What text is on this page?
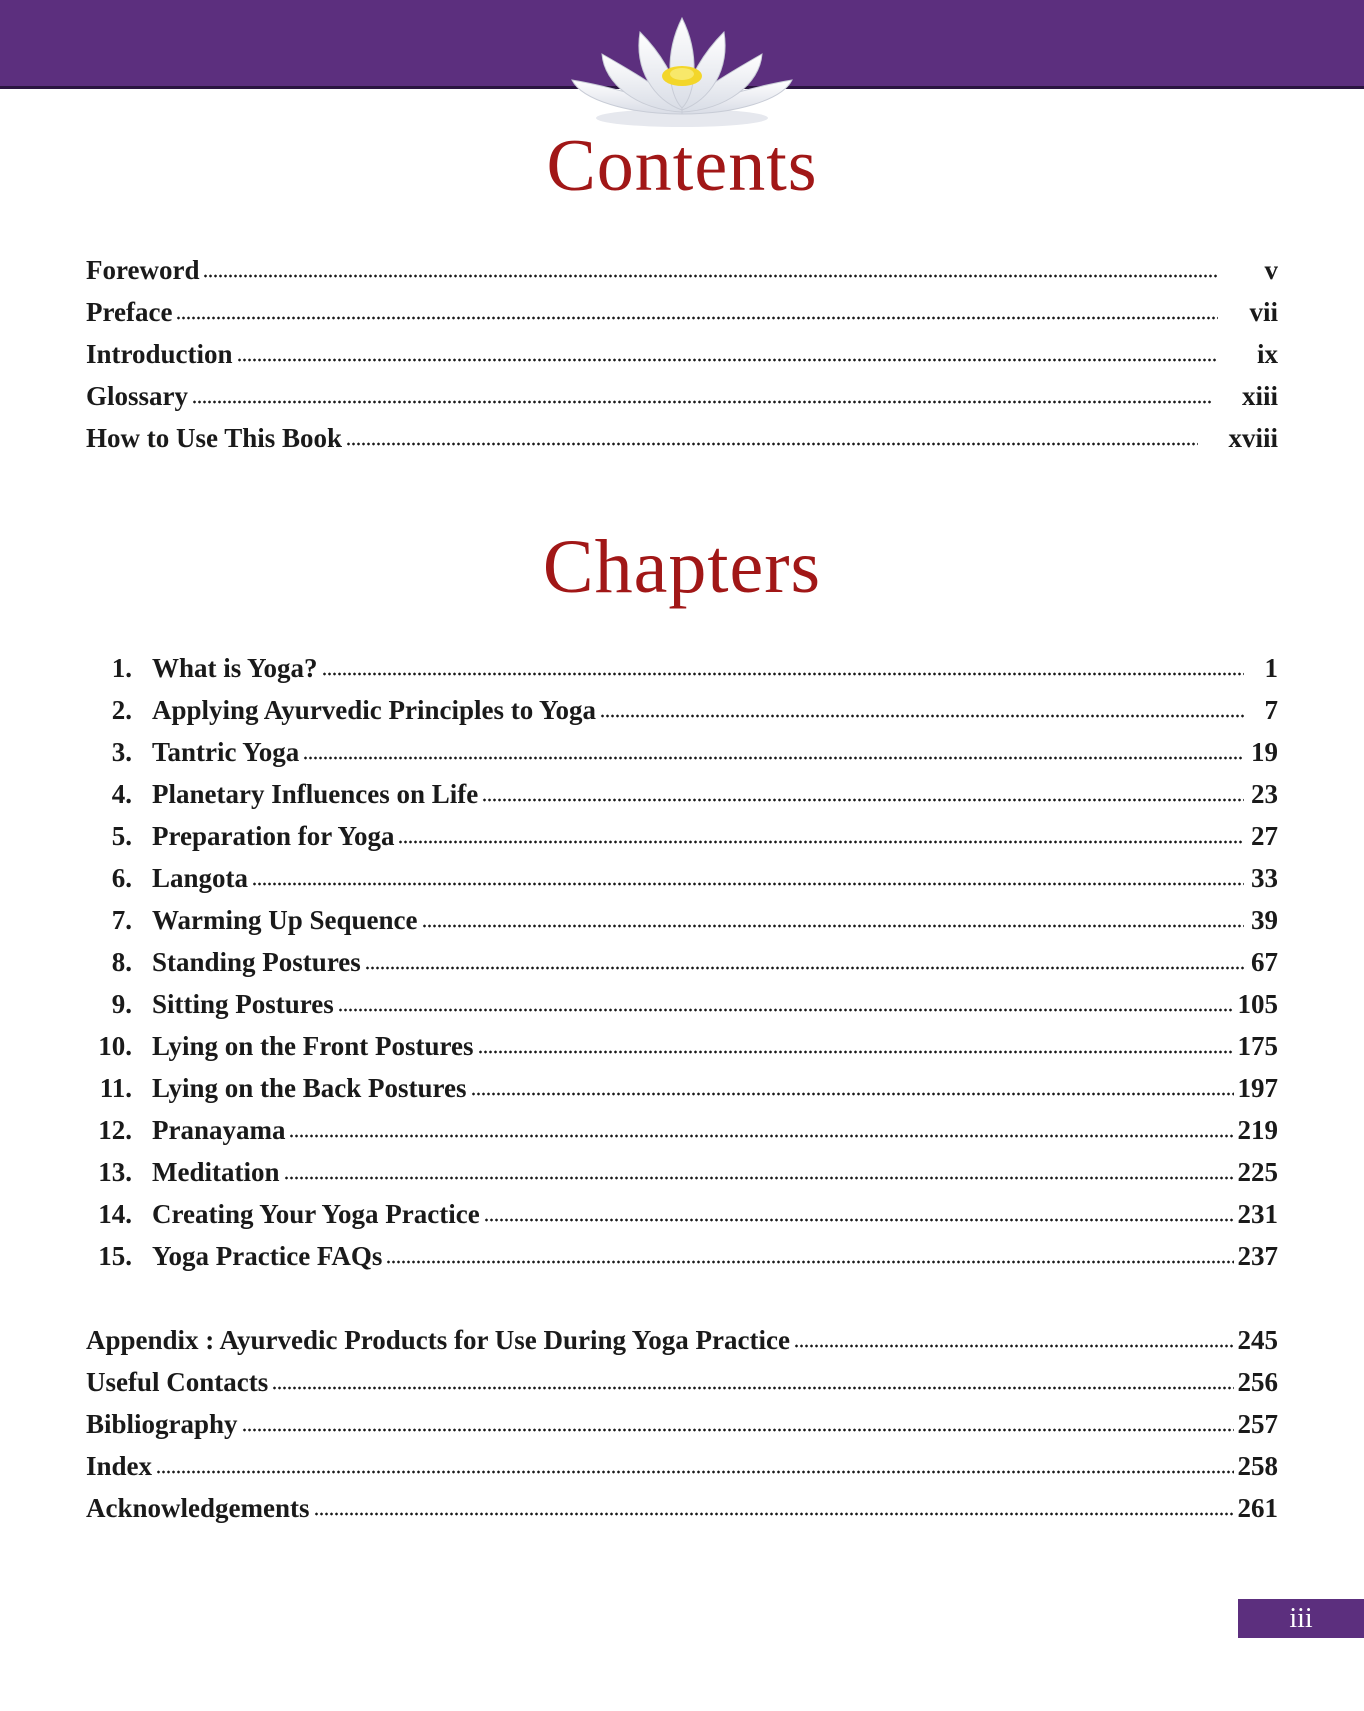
Contents
Foreword	v
Preface	vii
Introduction	ix
Glossary	xiii
How to Use This Book	xviii
Chapters
1. What is Yoga?	1
2. Applying Ayurvedic Principles to Yoga	7
3. Tantric Yoga	19
4. Planetary Influences on Life	23
5. Preparation for Yoga	27
6. Langota	33
7. Warming Up Sequence	39
8. Standing Postures	67
9. Sitting Postures	105
10. Lying on the Front Postures	175
11. Lying on the Back Postures	197
12. Pranayama	219
13. Meditation	225
14. Creating Your Yoga Practice	231
15. Yoga Practice FAQs	237
Appendix : Ayurvedic Products for Use During Yoga Practice	245
Useful Contacts	256
Bibliography	257
Index	258
Acknowledgements	261
iii
